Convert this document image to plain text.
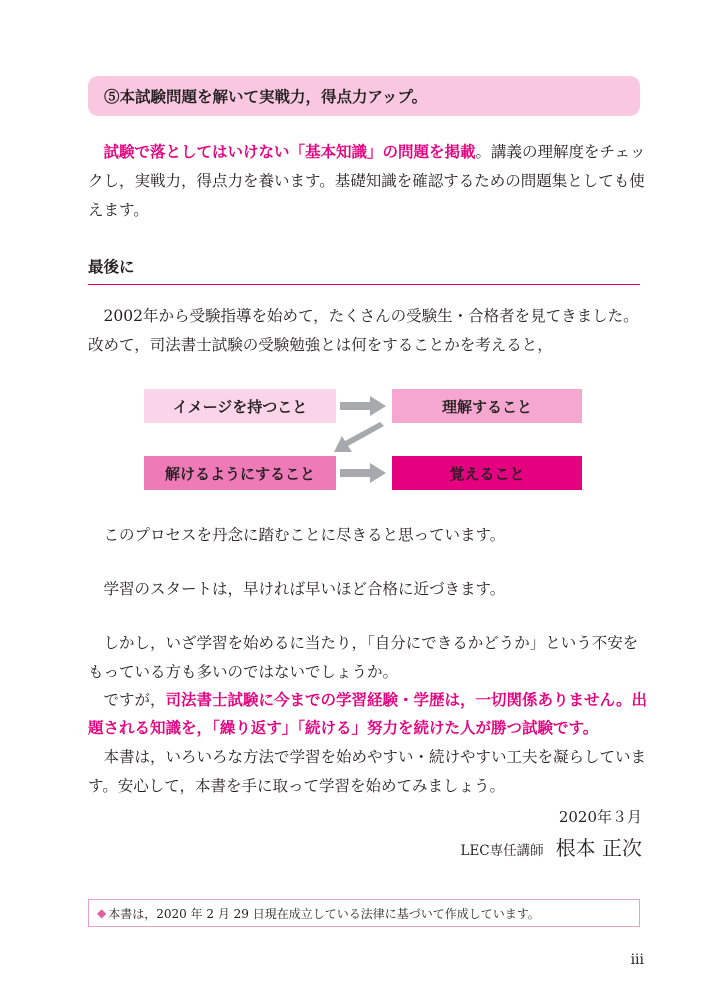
⑤本試験問題を解いて実戦力，得点力アップ。
試験で落としてはいけない「基本知識」の問題を掲載。講義の理解度をチェッ
クし，実戦力，得点力を養います。基礎知識を確認するための問題集としても使
えます。
最後に
2002年から受験指導を始めて，たくさんの受験生・合格者を見てきました。
改めて，司法書士試験の受験勉強とは何をすることかを考えると，
イメージを持つこと	理解すること
解けるようにすること	覚えること
このプロセスを丹念に踏むことに尽きると思っています。
学習のスタートは，早ければ早いほど合格に近づきます。
しかし，いざ学習を始めるに当たり，「自分にできるかどうか」という不安を
もっている方も多いのではないでしょうか。
ですが，司法書士試験に今までの学習経験・学歴は，一切関係ありません。出
題される知識を，「繰り返す」「続ける」努力を続けた人が勝つ試験です。
本書は，いろいろな方法で学習を始めやすい・続けやすい工夫を凝らしていま
す。安心して，本書を手に取って学習を始めてみましょう。
2020年３月
LEC専任講師 根本 正次
◆ 本書は，2020 年 2 月 29 日現在成立している法律に基づいて作成しています。
iii
